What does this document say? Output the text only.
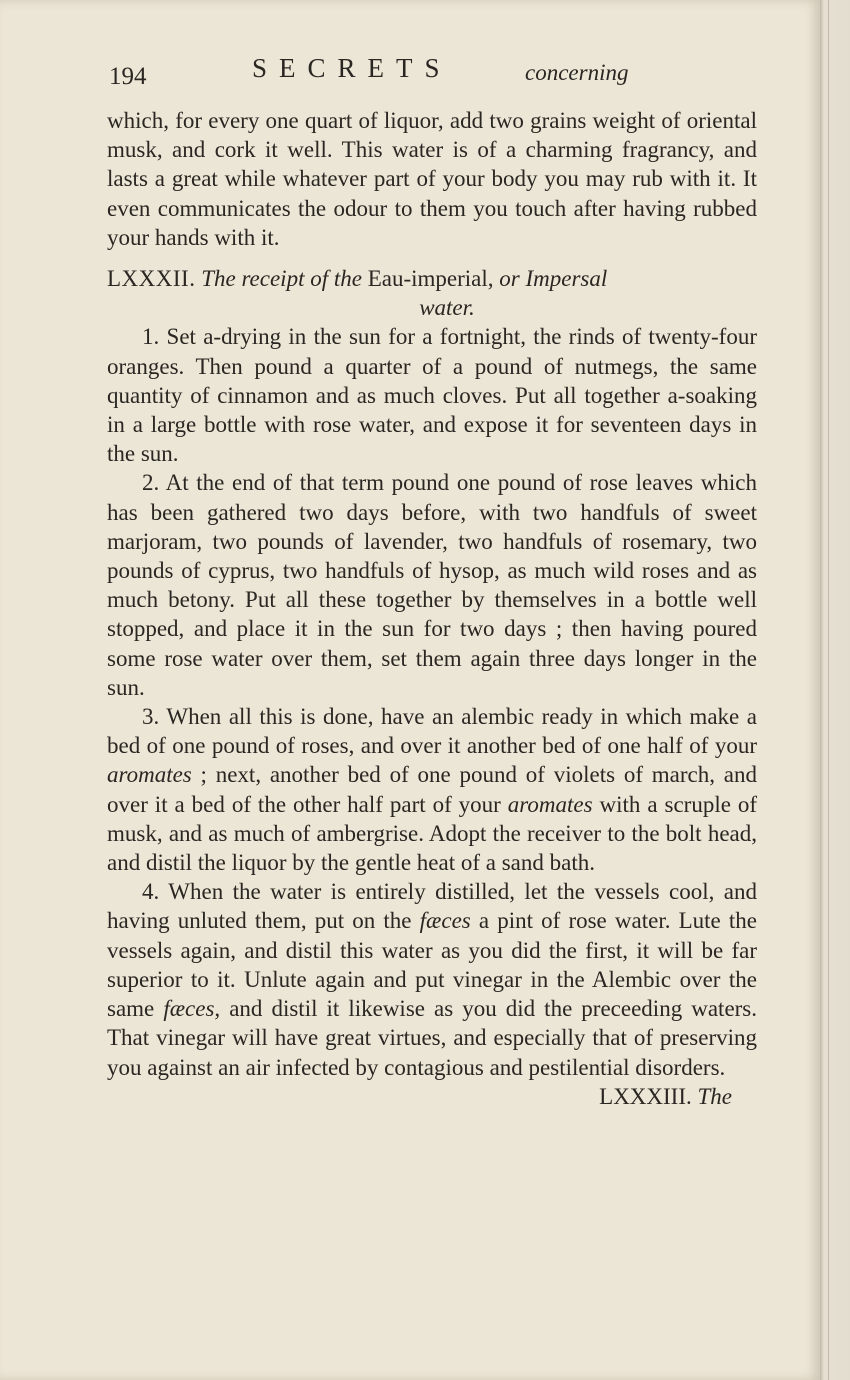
194	SECRETS	concerning

which, for every one quart of liquor, add two grains weight of oriental musk, and cork it well. This water is of a charming fragrancy, and lasts a great while whatever part of your body you may rub with it. It even communicates the odour to them you touch after having rubbed your hands with it.

LXXXII. The receipt of the Eau-imperial, or Impersal
water.

1. Set a-drying in the sun for a fortnight, the rinds of twenty-four oranges. Then pound a quarter of a pound of nutmegs, the same quantity of cinnamon and as much cloves. Put all together a-soaking in a large bottle with rose water, and expose it for seventeen days in the sun.

2. At the end of that term pound one pound of rose leaves which has been gathered two days before, with two handfuls of sweet marjoram, two pounds of lavender, two handfuls of rosemary, two pounds of cyprus, two handfuls of hysop, as much wild roses and as much betony. Put all these together by themselves in a bottle well stopped, and place it in the sun for two days ; then having poured some rose water over them, set them again three days longer in the sun.

3. When all this is done, have an alembic ready in which make a bed of one pound of roses, and over it another bed of one half of your aromates ; next, another bed of one pound of violets of march, and over it a bed of the other half part of your aromates with a scruple of musk, and as much of ambergrise. Adopt the receiver to the bolt head, and distil the liquor by the gentle heat of a sand bath.

4. When the water is entirely distilled, let the vessels cool, and having unluted them, put on the fæces a pint of rose water. Lute the vessels again, and distil this water as you did the first, it will be far superior to it. Unlute again and put vinegar in the Alembic over the same fæces, and distil it likewise as you did the preceeding waters. That vinegar will have great virtues, and especially that of preserving you against an air infected by contagious and pestilential disorders.

LXXXIII. The
